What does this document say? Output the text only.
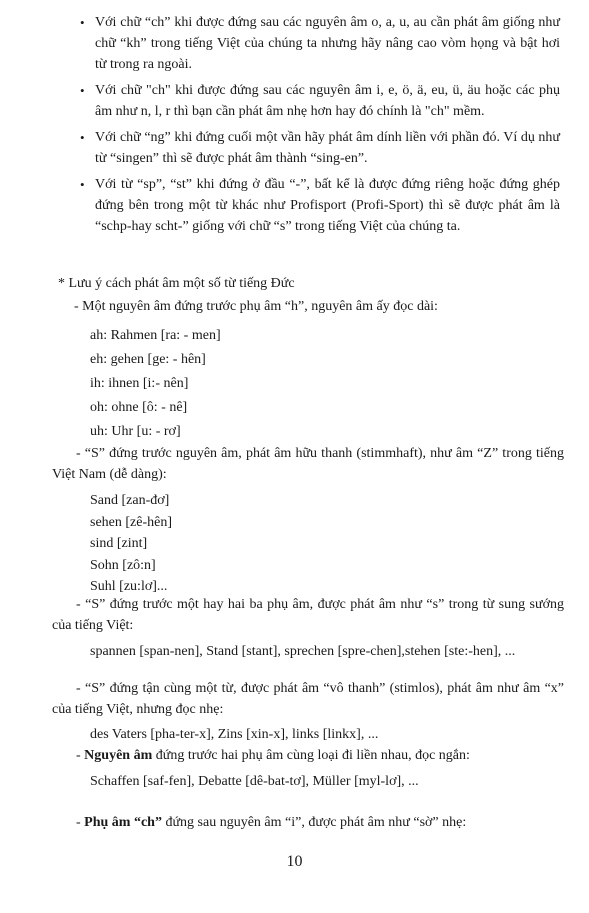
• Với chữ “ch” khi được đứng sau các nguyên âm o, a, u, au cần phát âm giống như chữ “kh” trong tiếng Việt của chúng ta nhưng hãy nâng cao vòm họng và bật hơi từ trong ra ngoài.
• Với chữ "ch" khi được đứng sau các nguyên âm i, e, ö, ä, eu, ü, äu hoặc các phụ âm như n, l, r thì bạn cần phát âm nhẹ hơn hay đó chính là "ch" mềm.
• Với chữ “ng” khi đứng cuối một vần hãy phát âm dính liền với phần đó. Ví dụ như từ “singen” thì sẽ được phát âm thành “sing-en”.
• Với từ “sp”, “st” khi đứng ở đầu “-”, bất kể là được đứng riêng hoặc đứng ghép đứng bên trong một từ khác như Profisport (Profi-Sport) thì sẽ được phát âm là “schp-hay scht-” giống với chữ “s” trong tiếng Việt của chúng ta.
* Lưu ý cách phát âm một số từ tiếng Đức
- Một nguyên âm đứng trước phụ âm “h”, nguyên âm ấy đọc dài:
ah: Rahmen [ra: - men]
eh: gehen [ge: - hên]
ih: ihnen [i:- nên]
oh: ohne [ô: - nê]
uh: Uhr [u: - rơ]
- “S” đứng trước nguyên âm, phát âm hữu thanh (stimmhaft), như âm “Z” trong tiếng Việt Nam (dễ dàng):
Sand [zan-đơ]
sehen [zê-hên]
sind [zint]
Sohn [zô:n]
Suhl [zu:lơ]...
- “S” đứng trước một hay hai ba phụ âm, được phát âm như “s” trong từ sung sướng của tiếng Việt:
spannen [span-nen], Stand [stant], sprechen [spre-chen],stehen [ste:-hen], ...
- “S” đứng tận cùng một từ, được phát âm “vô thanh” (stimlos), phát âm như âm “x” của tiếng Việt, nhưng đọc nhẹ:
des Vaters [pha-ter-x], Zins [xin-x], links [linkx], ...
- Nguyên âm đứng trước hai phụ âm cùng loại đi liền nhau, đọc ngắn:
Schaffen [saf-fen], Debatte [dê-bat-tơ], Müller [myl-lơ], ...
- Phụ âm “ch” đứng sau nguyên âm “i”, được phát âm như “sờ” nhẹ:
10
